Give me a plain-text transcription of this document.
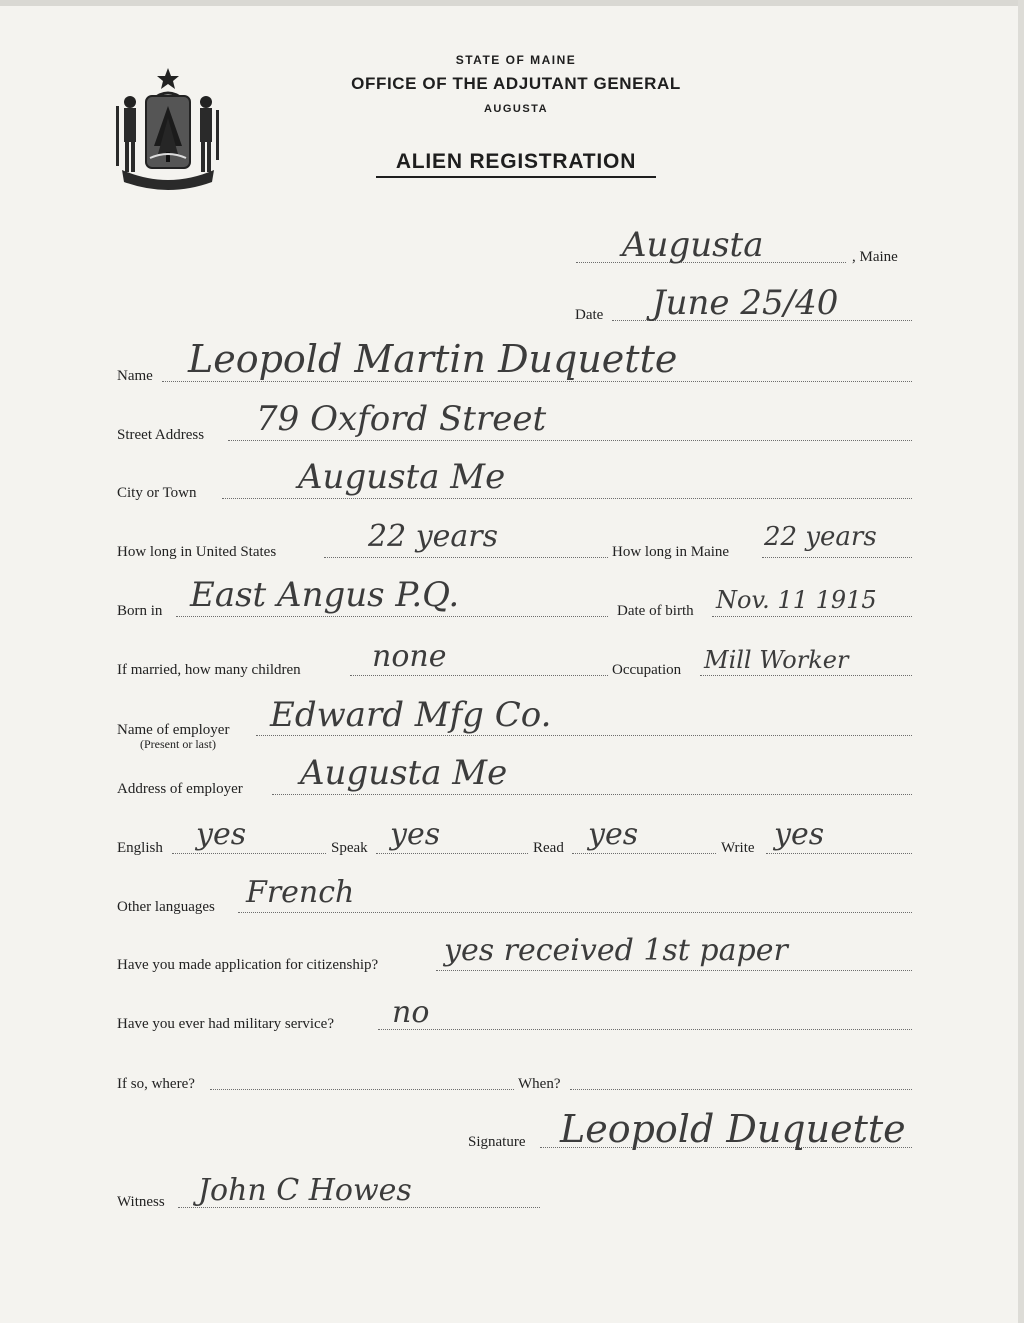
STATE OF MAINE
OFFICE OF THE ADJUTANT GENERAL
AUGUSTA
ALIEN REGISTRATION
Augusta	, Maine
Date June 25/40
Name Leopold Martin Duquette
Street Address 79 Oxford Street
City or Town	Augusta Me
How long in United States	22 years	How long in Maine 22 years
Born in East Angus P.Q.	Date of birth Nov. 11 1915
If married, how many children none	Occupation Mill Worker
Name of employer
(Present or last)
Edward Mfg Co.
Address of employer Augusta Me
English yes	Speak yes	Read yes	Write yes
Other languages French
Have you made application for citizenship? yes received 1st paper
Have you ever had military service? no
If so, where?	When?
Signature Leopold Duquette
Witness John C Howes
